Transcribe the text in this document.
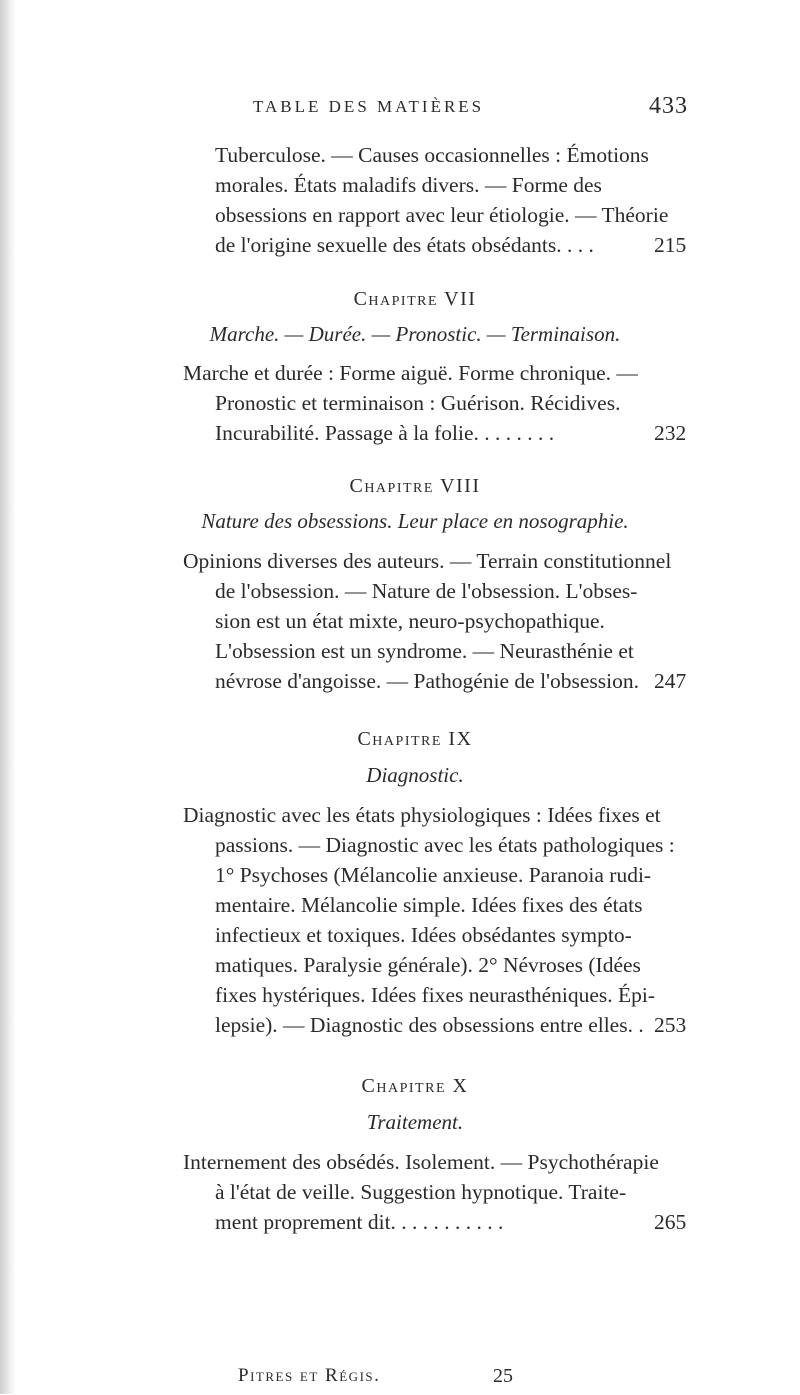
TABLE DES MATIÈRES	433
Tuberculose. — Causes occasionnelles : Émotions
morales. États maladifs divers. — Forme des
obsessions en rapport avec leur étiologie. — Théorie
de l'origine sexuelle des états obsédants. . . .	215
Chapitre VII
Marche. — Durée. — Pronostic. — Terminaison.
Marche et durée : Forme aiguë. Forme chronique. —
Pronostic et terminaison : Guérison. Récidives.
Incurabilité. Passage à la folie. . . . . . . .	232
Chapitre VIII
Nature des obsessions. Leur place en nosographie.
Opinions diverses des auteurs. — Terrain constitutionnel
de l'obsession. — Nature de l'obsession. L'obses-
sion est un état mixte, neuro-psychopathique.
L'obsession est un syndrome. — Neurasthénie et
névrose d'angoisse. — Pathogénie de l'obsession. 247
Chapitre IX
Diagnostic.
Diagnostic avec les états physiologiques : Idées fixes et
passions. — Diagnostic avec les états pathologiques :
1° Psychoses (Mélancolie anxieuse. Paranoia rudi-
mentaire. Mélancolie simple. Idées fixes des états
infectieux et toxiques. Idées obsédantes sympto-
matiques. Paralysie générale). 2° Névroses (Idées
fixes hystériques. Idées fixes neurasthéniques. Épi-
lepsie). — Diagnostic des obsessions entre elles. . 253
Chapitre X
Traitement.
Internement des obsédés. Isolement. — Psychothérapie
à l'état de veille. Suggestion hypnotique. Traite-
ment proprement dit. . . . . . . . . . .	265
Pitres et Régis.	25
